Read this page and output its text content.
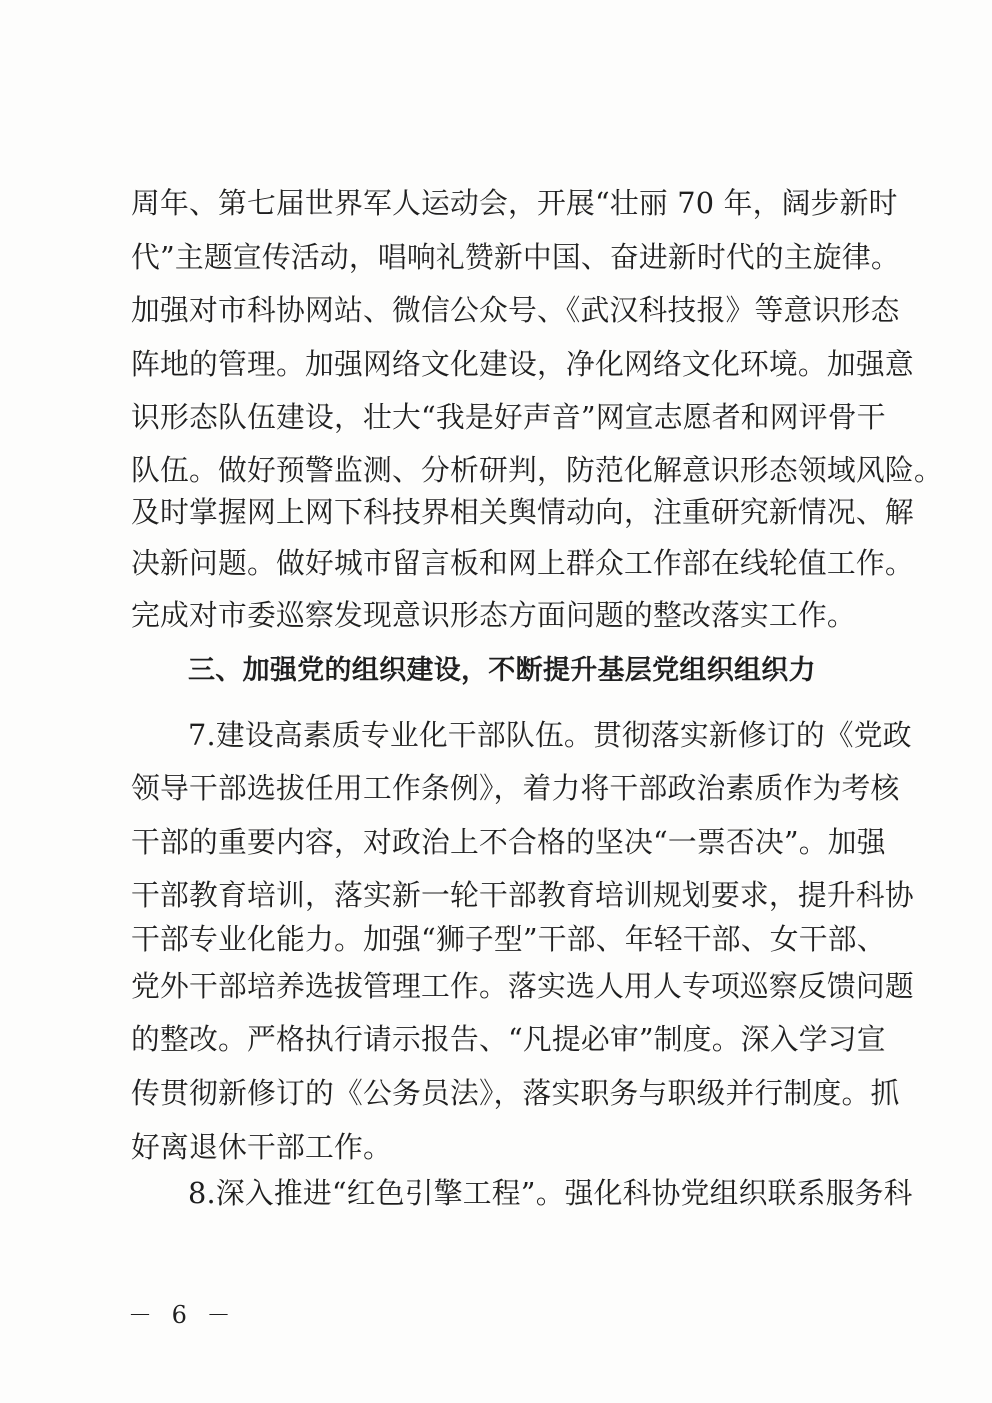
周年、第七届世界军人运动会，开展“壮丽 70 年，阔步新时
代”主题宣传活动，唱响礼赞新中国、奋进新时代的主旋律。
加强对市科协网站、微信公众号、《武汉科技报》等意识形态
阵地的管理。加强网络文化建设，净化网络文化环境。加强意
识形态队伍建设，壮大“我是好声音”网宣志愿者和网评骨干
队伍。做好预警监测、分析研判，防范化解意识形态领域风险。
及时掌握网上网下科技界相关舆情动向，注重研究新情况、解
决新问题。做好城市留言板和网上群众工作部在线轮值工作。
完成对市委巡察发现意识形态方面问题的整改落实工作。
三、加强党的组织建设，不断提升基层党组织组织力
7.建设高素质专业化干部队伍。贯彻落实新修订的《党政
领导干部选拔任用工作条例》，着力将干部政治素质作为考核
干部的重要内容，对政治上不合格的坚决“一票否决”。加强
干部教育培训，落实新一轮干部教育培训规划要求，提升科协
干部专业化能力。加强“狮子型”干部、年轻干部、女干部、
党外干部培养选拔管理工作。落实选人用人专项巡察反馈问题
的整改。严格执行请示报告、“凡提必审”制度。深入学习宣
传贯彻新修订的《公务员法》，落实职务与职级并行制度。抓
好离退休干部工作。
8.深入推进“红色引擎工程”。强化科协党组织联系服务科
－ 6 －
